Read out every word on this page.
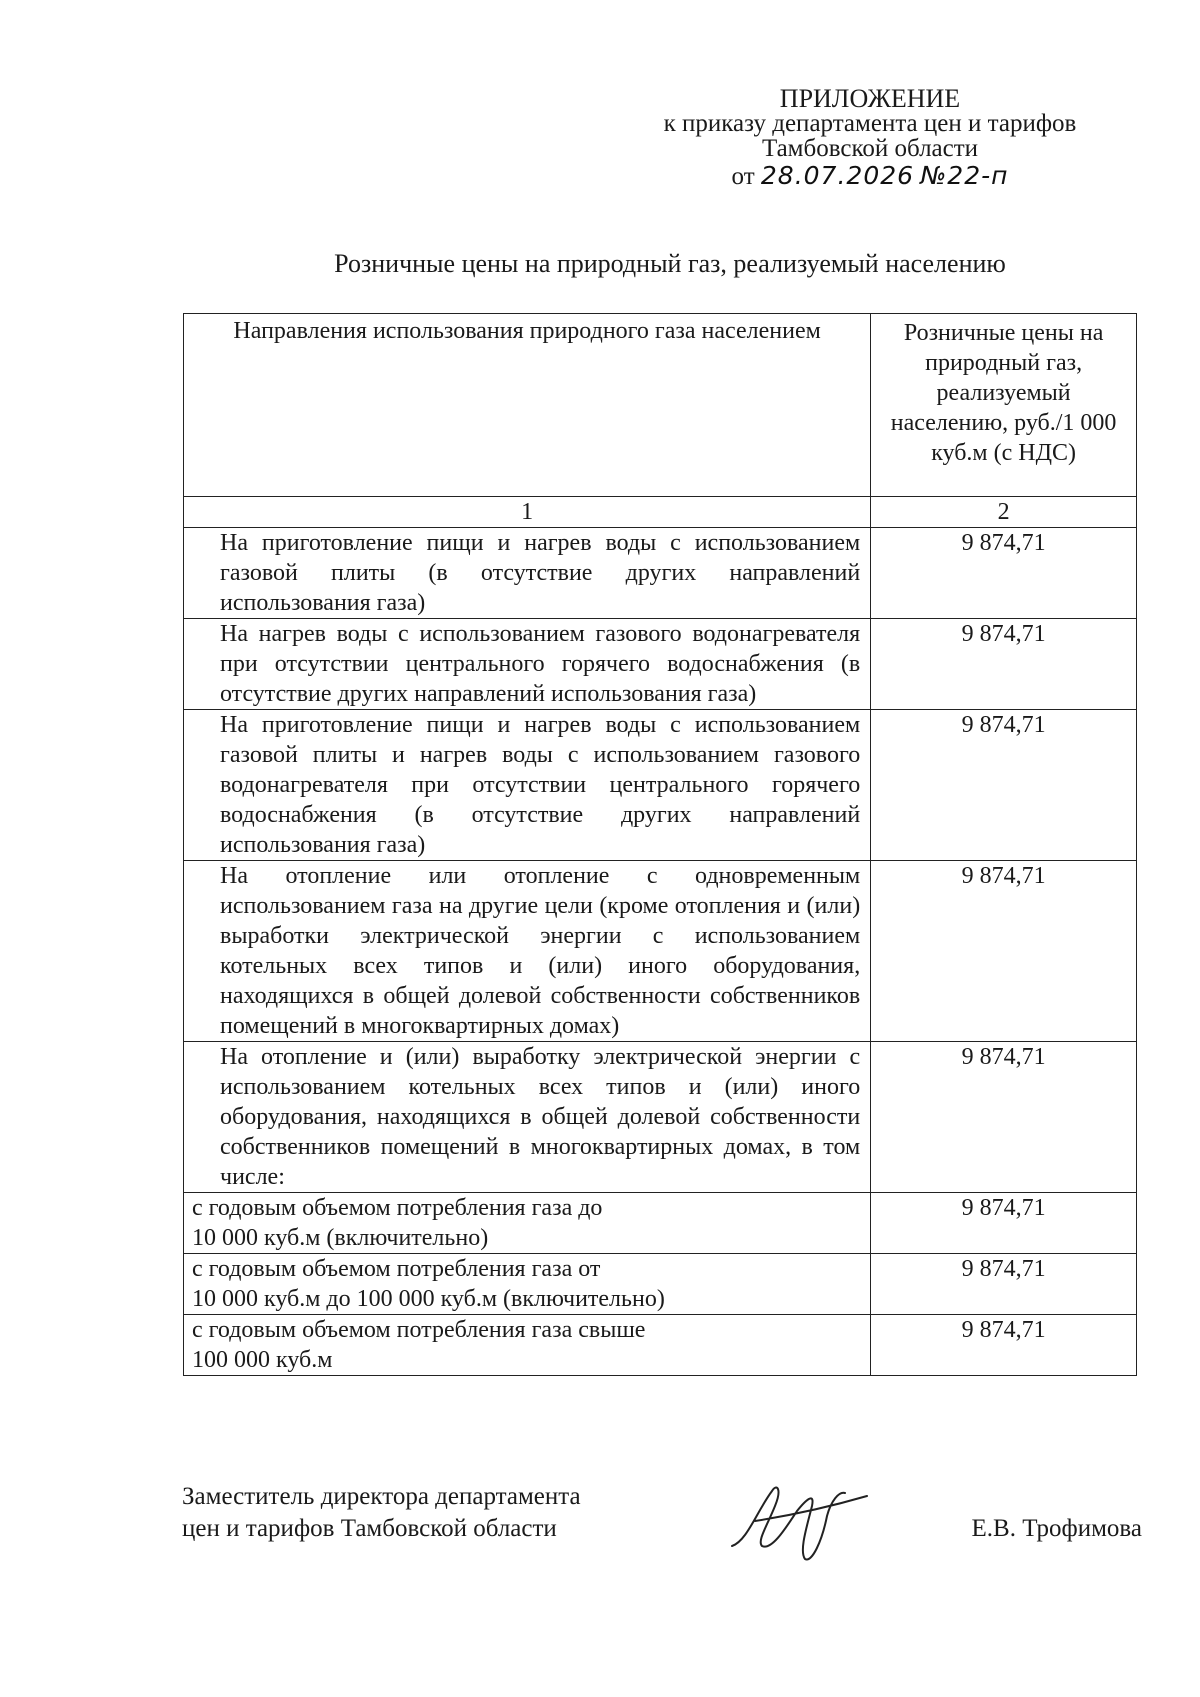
ПРИЛОЖЕНИЕ
к приказу департамента цен и тарифов
Тамбовской области
от 28.07.2026 №22-п
Розничные цены на природный газ, реализуемый населению
Направления использования природного газа населением	Розничные цены на природный газ, реализуемый населению, руб./1 000 куб.м (с НДС)
1	2

На приготовление пищи и нагрев воды с использованием газовой плиты (в отсутствие других направлений использования газа)	9 874,71

На нагрев воды с использованием газового водонагревателя при отсутствии центрального горячего водоснабжения (в отсутствие других направлений использования газа)	9 874,71

На приготовление пищи и нагрев воды с использованием газовой плиты и нагрев воды с использованием газового водонагревателя при отсутствии центрального горячего водоснабжения (в отсутствие других направлений использования газа)	9 874,71

На отопление или отопление с одновременным использованием газа на другие цели (кроме отопления и (или) выработки электрической энергии с использованием котельных всех типов и (или) иного оборудования, находящихся в общей долевой собственности собственников помещений в многоквартирных домах)	9 874,71

На отопление и (или) выработку электрической энергии с использованием котельных всех типов и (или) иного оборудования, находящихся в общей долевой собственности собственников помещений в многоквартирных домах, в том числе:	9 874,71

с годовым объемом потребления газа до
10 000 куб.м (включительно)	9 874,71

с годовым объемом потребления газа от
10 000 куб.м до 100 000 куб.м (включительно)	9 874,71

с годовым объемом потребления газа свыше
100 000 куб.м	9 874,71
Заместитель директора департамента
цен и тарифов Тамбовской области	Е.В. Трофимова
